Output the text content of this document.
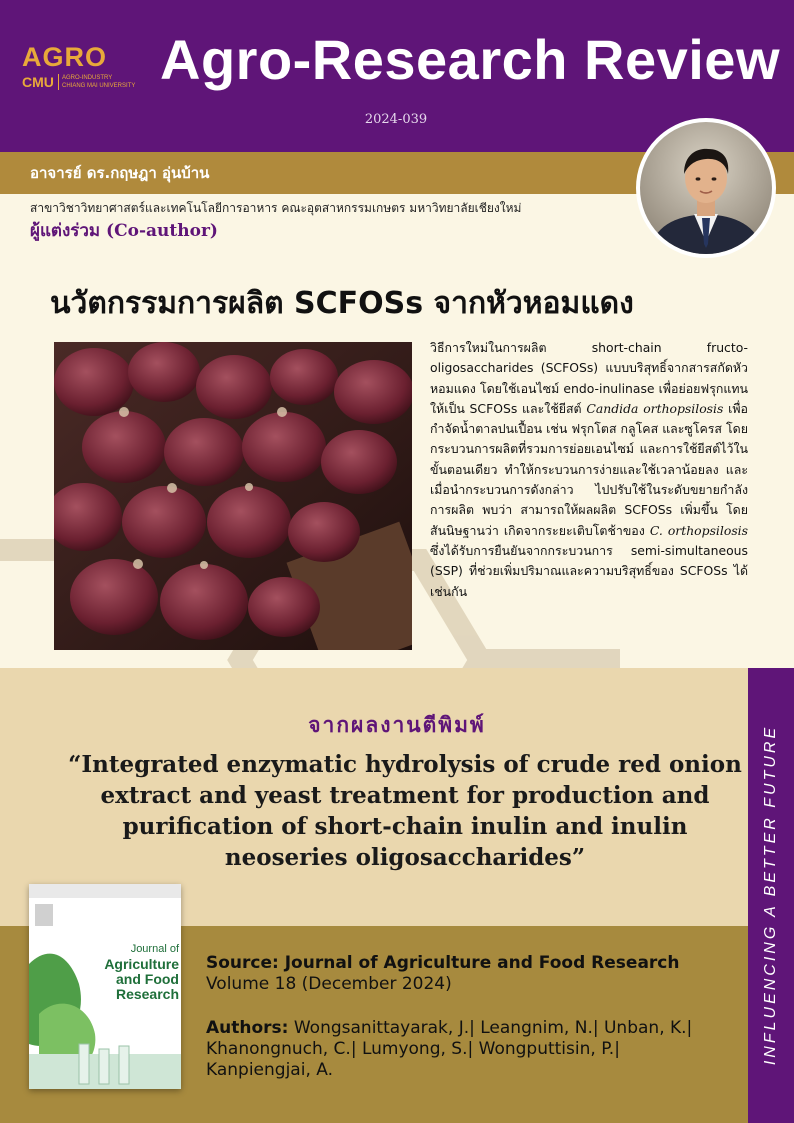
AGRO
CMU	AGRO-INDUSTRY
CHIANG MAI UNIVERSITY Agro-Research Review
2024-039
อาจารย์ ดร.กฤษฎา อุ่นบ้าน
สาขาวิชาวิทยาศาสตร์และเทคโนโลยีการอาหาร คณะอุตสาหกรรมเกษตร มหาวิทยาลัยเชียงใหม่
ผู้แต่งร่วม (Co-author)
นวัตกรรมการผลิต SCFOSs จากหัวหอมแดง
วิธีการใหม่ในการผลิต short-chain fructo-oligosaccharides (SCFOSs) แบบบริสุทธิ์จากสารสกัดหัวหอมแดง โดยใช้เอนไซม์ endo-inulinase เพื่อย่อยฟรุกแทนให้เป็น SCFOSs และใช้ยีสต์ Candida orthopsilosis เพื่อกำจัดน้ำตาลปนเปื้อน เช่น ฟรุกโตส กลูโคส และซูโครส โดยกระบวนการผลิตที่รวมการย่อยเอนไซม์ และการใช้ยีสต์ไว้ในขั้นตอนเดียว ทำให้กระบวนการง่ายและใช้เวลาน้อยลง และเมื่อนำกระบวนการดังกล่าว ไปปรับใช้ในระดับขยายกำลังการผลิต พบว่า สามารถให้ผลผลิต SCFOSs เพิ่มขึ้น โดยสันนิษฐานว่า เกิดจากระยะเติบโตช้าของ C. orthopsilosis ซึ่งได้รับการยืนยันจากกระบวนการ semi-simultaneous (SSP) ที่ช่วยเพิ่มปริมาณและความบริสุทธิ์ของ SCFOSs ได้เช่นกัน
INFLUENCING A BETTER FUTURE
จากผลงานตีพิมพ์
“Integrated enzymatic hydrolysis of crude red onion extract and yeast treatment for production and purification of short-chain inulin and inulin neoseries oligosaccharides”
Journal of
Agriculture
and Food
Research
Source: Journal of Agriculture and Food Research
Volume 18 (December 2024)
Authors: Wongsanittayarak, J.| Leangnim, N.| Unban, K.| Khanongnuch, C.| Lumyong, S.| Wongputtisin, P.| Kanpiengjai, A.
